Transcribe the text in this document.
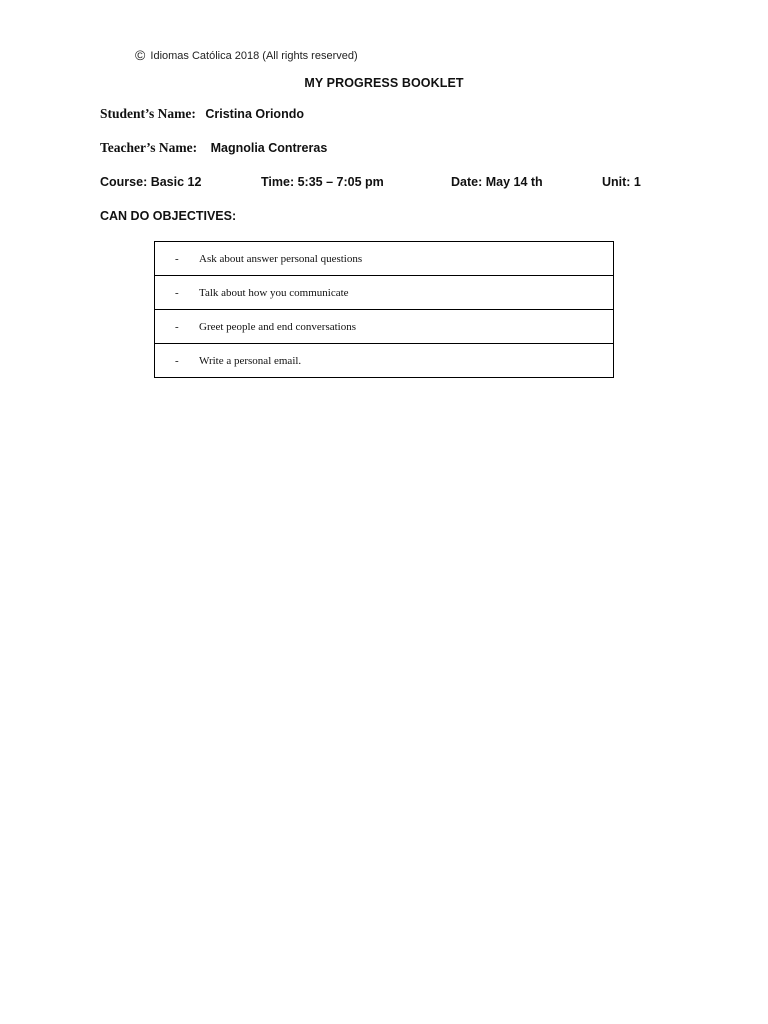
© Idiomas Católica 2018 (All rights reserved)
MY PROGRESS BOOKLET
Student’s Name: Cristina Oriondo
Teacher’s Name: Magnolia Contreras
Course: Basic 12	Time: 5:35 – 7:05 pm	Date: May 14 th	Unit: 1
CAN DO OBJECTIVES:
-	Ask about answer personal questions
-	Talk about how you communicate
-	Greet people and end conversations
-	Write a personal email.
